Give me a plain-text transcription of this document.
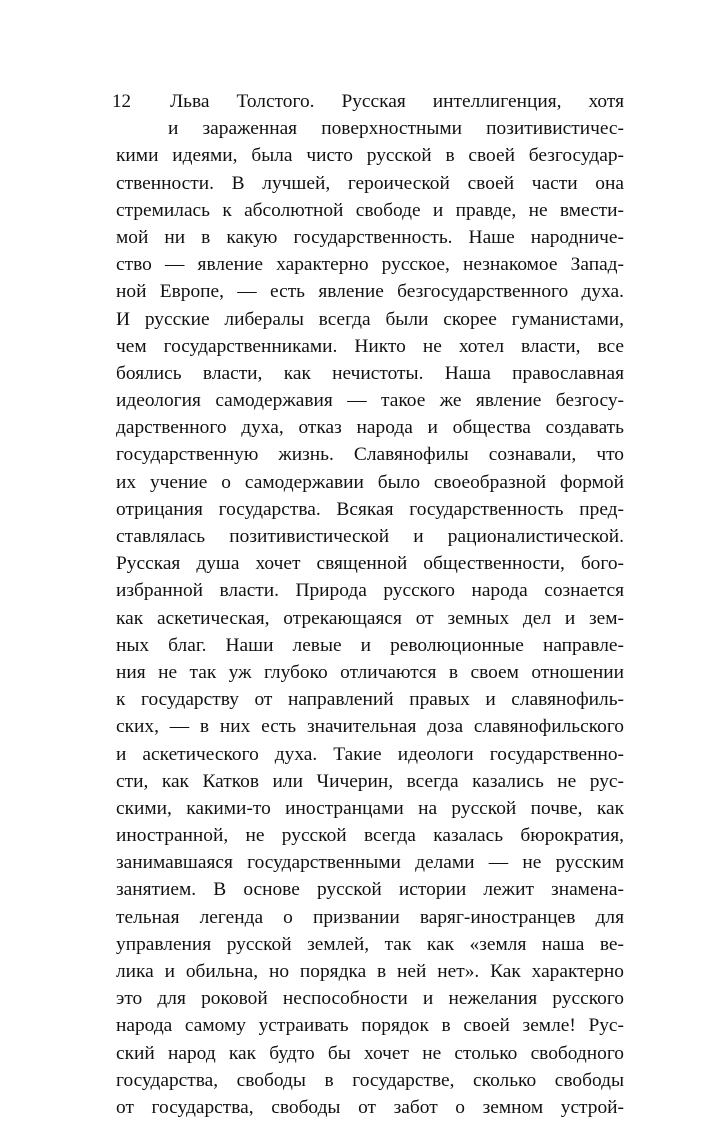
12	Льва Толстого. Русская интеллигенция, хотя
и зараженная поверхностными позитивистичес-
кими идеями, была чисто русской в своей безгосудар-
ственности. В лучшей, героической своей части она
стремилась к абсолютной свободе и правде, не вмести-
мой ни в какую государственность. Наше народниче-
ство — явление характерно русское, незнакомое Запад-
ной Европе, — есть явление безгосударственного духа.
И русские либералы всегда были скорее гуманистами,
чем государственниками. Никто не хотел власти, все
боялись власти, как нечистоты. Наша православная
идеология самодержавия — такое же явление безгосу-
дарственного духа, отказ народа и общества создавать
государственную жизнь. Славянофилы сознавали, что
их учение о самодержавии было своеобразной формой
отрицания государства. Всякая государственность пред-
ставлялась позитивистической и рационалистической.
Русская душа хочет священной общественности, бого-
избранной власти. Природа русского народа сознается
как аскетическая, отрекающаяся от земных дел и зем-
ных благ. Наши левые и революционные направле-
ния не так уж глубоко отличаются в своем отношении
к государству от направлений правых и славянофиль-
ских, — в них есть значительная доза славянофильского
и аскетического духа. Такие идеологи государственно-
сти, как Катков или Чичерин, всегда казались не рус-
скими, какими-то иностранцами на русской почве, как
иностранной, не русской всегда казалась бюрократия,
занимавшаяся государственными делами — не русским
занятием. В основе русской истории лежит знамена-
тельная легенда о призвании варяг-иностранцев для
управления русской землей, так как «земля наша ве-
лика и обильна, но порядка в ней нет». Как характерно
это для роковой неспособности и нежелания русского
народа самому устраивать порядок в своей земле! Рус-
ский народ как будто бы хочет не столько свободного
государства, свободы в государстве, сколько свободы
от государства, свободы от забот о земном устрой-
